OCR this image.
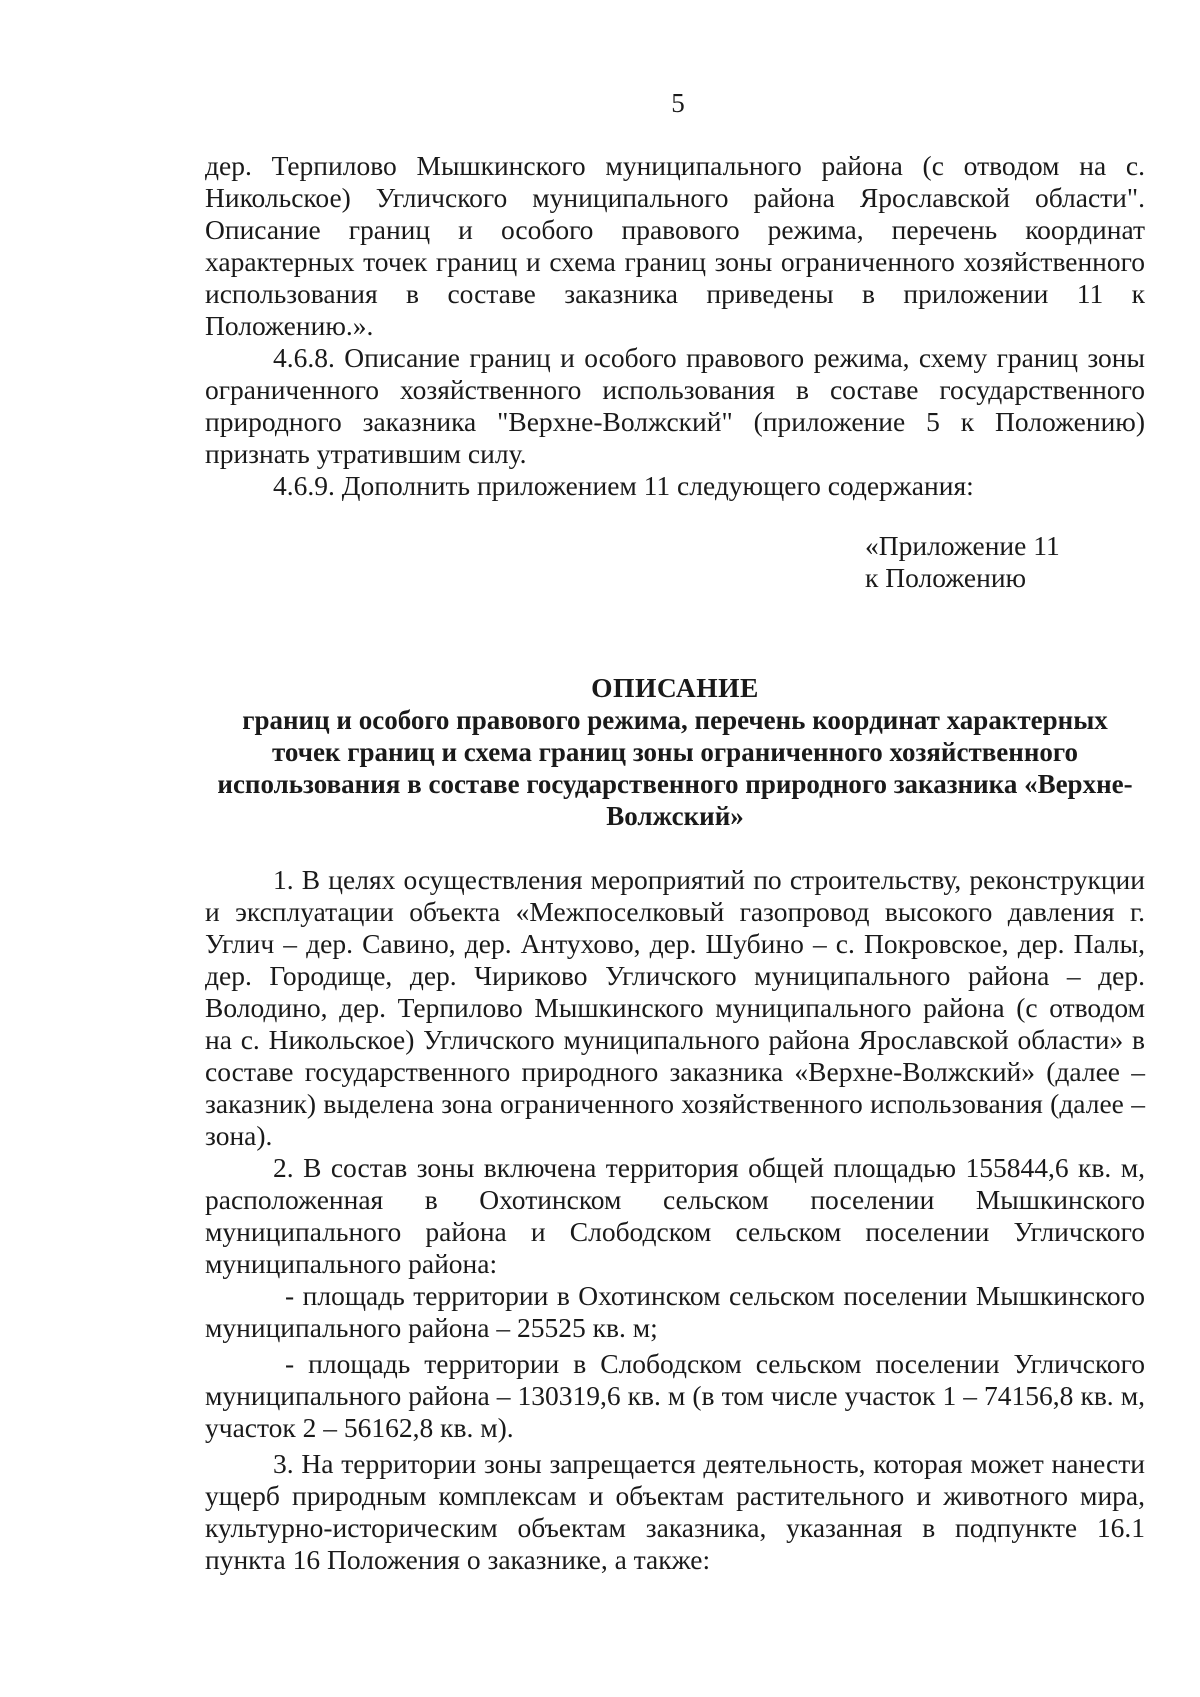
5

дер. Терпилово Мышкинского муниципального района (с отводом на с. Никольское) Угличского муниципального района Ярославской области". Описание границ и особого правового режима, перечень координат характерных точек границ и схема границ зоны ограниченного хозяйственного использования в составе заказника приведены в приложении 11 к Положению.».

4.6.8. Описание границ и особого правового режима, схему границ зоны ограниченного хозяйственного использования в составе государственного природного заказника "Верхне-Волжский" (приложение 5 к Положению) признать утратившим силу.

4.6.9. Дополнить приложением 11 следующего содержания:

«Приложение 11
к Положению
ОПИСАНИЕ
границ и особого правового режима, перечень координат характерных точек границ и схема границ зоны ограниченного хозяйственного использования в составе государственного природного заказника «Верхне-Волжский»

1. В целях осуществления мероприятий по строительству, реконструкции и эксплуатации объекта «Межпоселковый газопровод высокого давления г. Углич – дер. Савино, дер. Антухово, дер. Шубино – с. Покровское, дер. Палы, дер. Городище, дер. Чириково Угличского муниципального района – дер. Володино, дер. Терпилово Мышкинского муниципального района (с отводом на с. Никольское) Угличского муниципального района Ярославской области» в составе государственного природного заказника «Верхне-Волжский» (далее – заказник) выделена зона ограниченного хозяйственного использования (далее – зона).

2. В состав зоны включена территория общей площадью 155844,6 кв. м, расположенная в Охотинском сельском поселении Мышкинского муниципального района и Слободском сельском поселении Угличского муниципального района:

- площадь территории в Охотинском сельском поселении Мышкинского муниципального района – 25525 кв. м;

- площадь территории в Слободском сельском поселении Угличского муниципального района – 130319,6 кв. м (в том числе участок 1 – 74156,8 кв. м, участок 2 – 56162,8 кв. м).

3. На территории зоны запрещается деятельность, которая может нанести ущерб природным комплексам и объектам растительного и животного мира, культурно-историческим объектам заказника, указанная в подпункте 16.1 пункта 16 Положения о заказнике, а также:
